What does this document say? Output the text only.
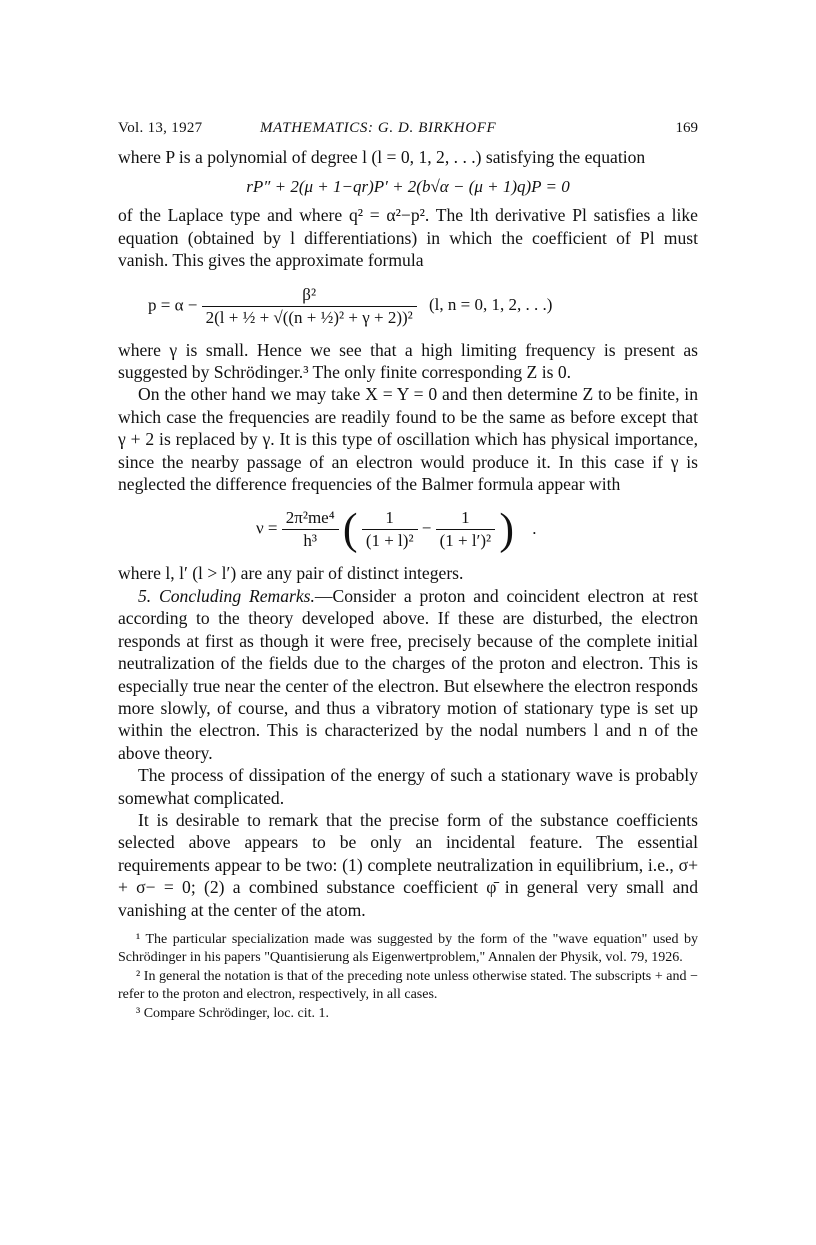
Vol. 13, 1927	MATHEMATICS: G. D. BIRKHOFF	169

where P is a polynomial of degree l (l = 0, 1, 2, . . .) satisfying the equation

rP″ + 2(μ + 1−qr)P′ + 2(b√α − (μ + 1)q)P = 0

of the Laplace type and where q² = α²−p². The lth derivative Pl satisfies a like equation (obtained by l differentiations) in which the coefficient of Pl must vanish. This gives the approximate formula

$p = \alpha - \frac{\text{β²}}{\text{2(l + ½ + √((n + ½)² + γ + 2))²}} (l$, n = 0, 1, 2, . . .)

where γ is small. Hence we see that a high limiting frequency is present as suggested by Schrödinger.³ The only finite corresponding Z is 0.

On the other hand we may take X = Y = 0 and then determine Z to be finite, in which case the frequencies are readily found to be the same as before except that γ + 2 is replaced by γ. It is this type of oscillation which has physical importance, since the nearby passage of an electron would produce it. In this case if γ is neglected the difference frequencies of the Balmer formula appear with

$\nu = \frac{\text{2π²me⁴}}{\text{h³}}$ ( $\frac{1}{\text{(1 + l)²}} - \frac{1}{\text{(1 + l′)²}}$ ) .

where l, l′ (l > l′) are any pair of distinct integers.

5. Concluding Remarks.—Consider a proton and coincident electron at rest according to the theory developed above. If these are disturbed, the electron responds at first as though it were free, precisely because of the complete initial neutralization of the fields due to the charges of the proton and electron. This is especially true near the center of the electron. But elsewhere the electron responds more slowly, of course, and thus a vibratory motion of stationary type is set up within the electron. This is characterized by the nodal numbers l and n of the above theory.

The process of dissipation of the energy of such a stationary wave is probably somewhat complicated.

It is desirable to remark that the precise form of the substance coefficients selected above appears to be only an incidental feature. The essential requirements appear to be two: (1) complete neutralization in equilibrium, i.e., σ+ + σ− = 0; (2) a combined substance coefficient φ̄ in general very small and vanishing at the center of the atom.

¹ The particular specialization made was suggested by the form of the "wave equation" used by Schrödinger in his papers "Quantisierung als Eigenwertproblem," Annalen der Physik, vol. 79, 1926.
² In general the notation is that of the preceding note unless otherwise stated. The subscripts + and − refer to the proton and electron, respectively, in all cases.
³ Compare Schrödinger, loc. cit. 1.
